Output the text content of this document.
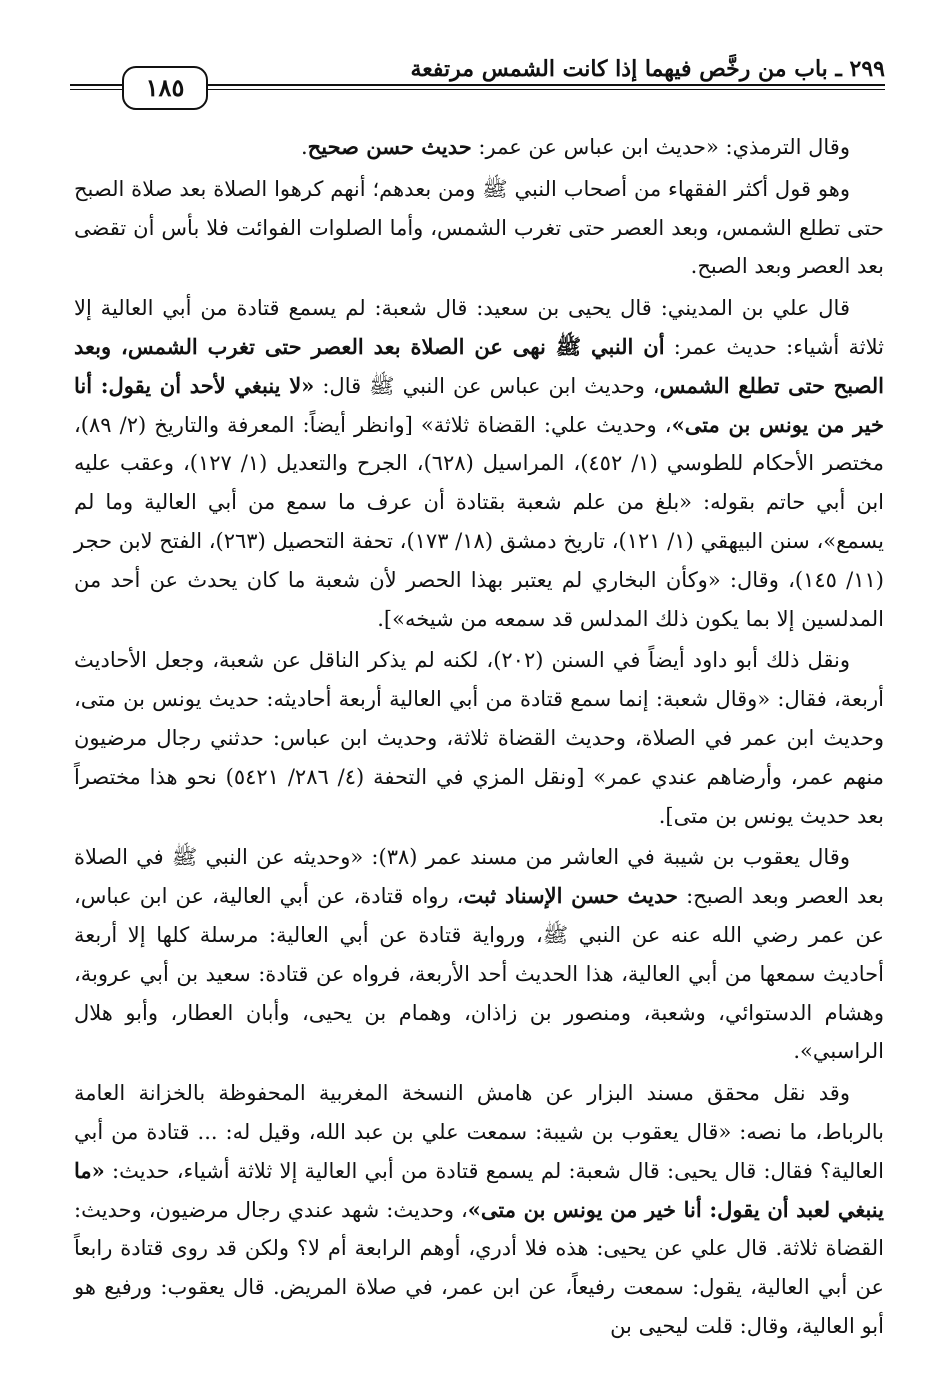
٢٩٩ ـ باب من رخَّص فيهما إذا كانت الشمس مرتفعة
١٨٥

وقال الترمذي: «حديث ابن عباس عن عمر: حديث حسن صحيح.

وهو قول أكثر الفقهاء من أصحاب النبي ﷺ ومن بعدهم؛ أنهم كرهوا الصلاة بعد صلاة الصبح حتى تطلع الشمس، وبعد العصر حتى تغرب الشمس، وأما الصلوات الفوائت فلا بأس أن تقضى بعد العصر وبعد الصبح.

قال علي بن المديني: قال يحيى بن سعيد: قال شعبة: لم يسمع قتادة من أبي العالية إلا ثلاثة أشياء: حديث عمر: أن النبي ﷺ نهى عن الصلاة بعد العصر حتى تغرب الشمس، وبعد الصبح حتى تطلع الشمس، وحديث ابن عباس عن النبي ﷺ قال: «لا ينبغي لأحد أن يقول: أنا خير من يونس بن متى»، وحديث علي: القضاة ثلاثة» [وانظر أيضاً: المعرفة والتاريخ (٢/ ٨٩)، مختصر الأحكام للطوسي (١/ ٤٥٢)، المراسيل (٦٢٨)، الجرح والتعديل (١/ ١٢٧)، وعقب عليه ابن أبي حاتم بقوله: «بلغ من علم شعبة بقتادة أن عرف ما سمع من أبي العالية وما لم يسمع»، سنن البيهقي (١/ ١٢١)، تاريخ دمشق (١٨/ ١٧٣)، تحفة التحصيل (٢٦٣)، الفتح لابن حجر (١١/ ١٤٥)، وقال: «وكأن البخاري لم يعتبر بهذا الحصر لأن شعبة ما كان يحدث عن أحد من المدلسين إلا بما يكون ذلك المدلس قد سمعه من شيخه»].

ونقل ذلك أبو داود أيضاً في السنن (٢٠٢)، لكنه لم يذكر الناقل عن شعبة، وجعل الأحاديث أربعة، فقال: «وقال شعبة: إنما سمع قتادة من أبي العالية أربعة أحاديثه: حديث يونس بن متى، وحديث ابن عمر في الصلاة، وحديث القضاة ثلاثة، وحديث ابن عباس: حدثني رجال مرضيون منهم عمر، وأرضاهم عندي عمر» [ونقل المزي في التحفة (٤/ ٢٨٦/ ٥٤٢١) نحو هذا مختصراً بعد حديث يونس بن متى].

وقال يعقوب بن شيبة في العاشر من مسند عمر (٣٨): «وحديثه عن النبي ﷺ في الصلاة بعد العصر وبعد الصبح: حديث حسن الإسناد ثبت، رواه قتادة، عن أبي العالية، عن ابن عباس، عن عمر رضي الله عنه عن النبي ﷺ، ورواية قتادة عن أبي العالية: مرسلة كلها إلا أربعة أحاديث سمعها من أبي العالية، هذا الحديث أحد الأربعة، فرواه عن قتادة: سعيد بن أبي عروبة، وهشام الدستوائي، وشعبة، ومنصور بن زاذان، وهمام بن يحيى، وأبان العطار، وأبو هلال الراسبي».

وقد نقل محقق مسند البزار عن هامش النسخة المغربية المحفوظة بالخزانة العامة بالرباط، ما نصه: «قال يعقوب بن شيبة: سمعت علي بن عبد الله، وقيل له: ... قتادة من أبي العالية؟ فقال: قال يحيى: قال شعبة: لم يسمع قتادة من أبي العالية إلا ثلاثة أشياء، حديث: «ما ينبغي لعبد أن يقول: أنا خير من يونس بن متى»، وحديث: شهد عندي رجال مرضيون، وحديث: القضاة ثلاثة. قال علي عن يحيى: هذه فلا أدري، أوهم الرابعة أم لا؟ ولكن قد روى قتادة رابعاً عن أبي العالية، يقول: سمعت رفيعاً، عن ابن عمر، في صلاة المريض. قال يعقوب: ورفيع هو أبو العالية، وقال: قلت ليحيى بن
